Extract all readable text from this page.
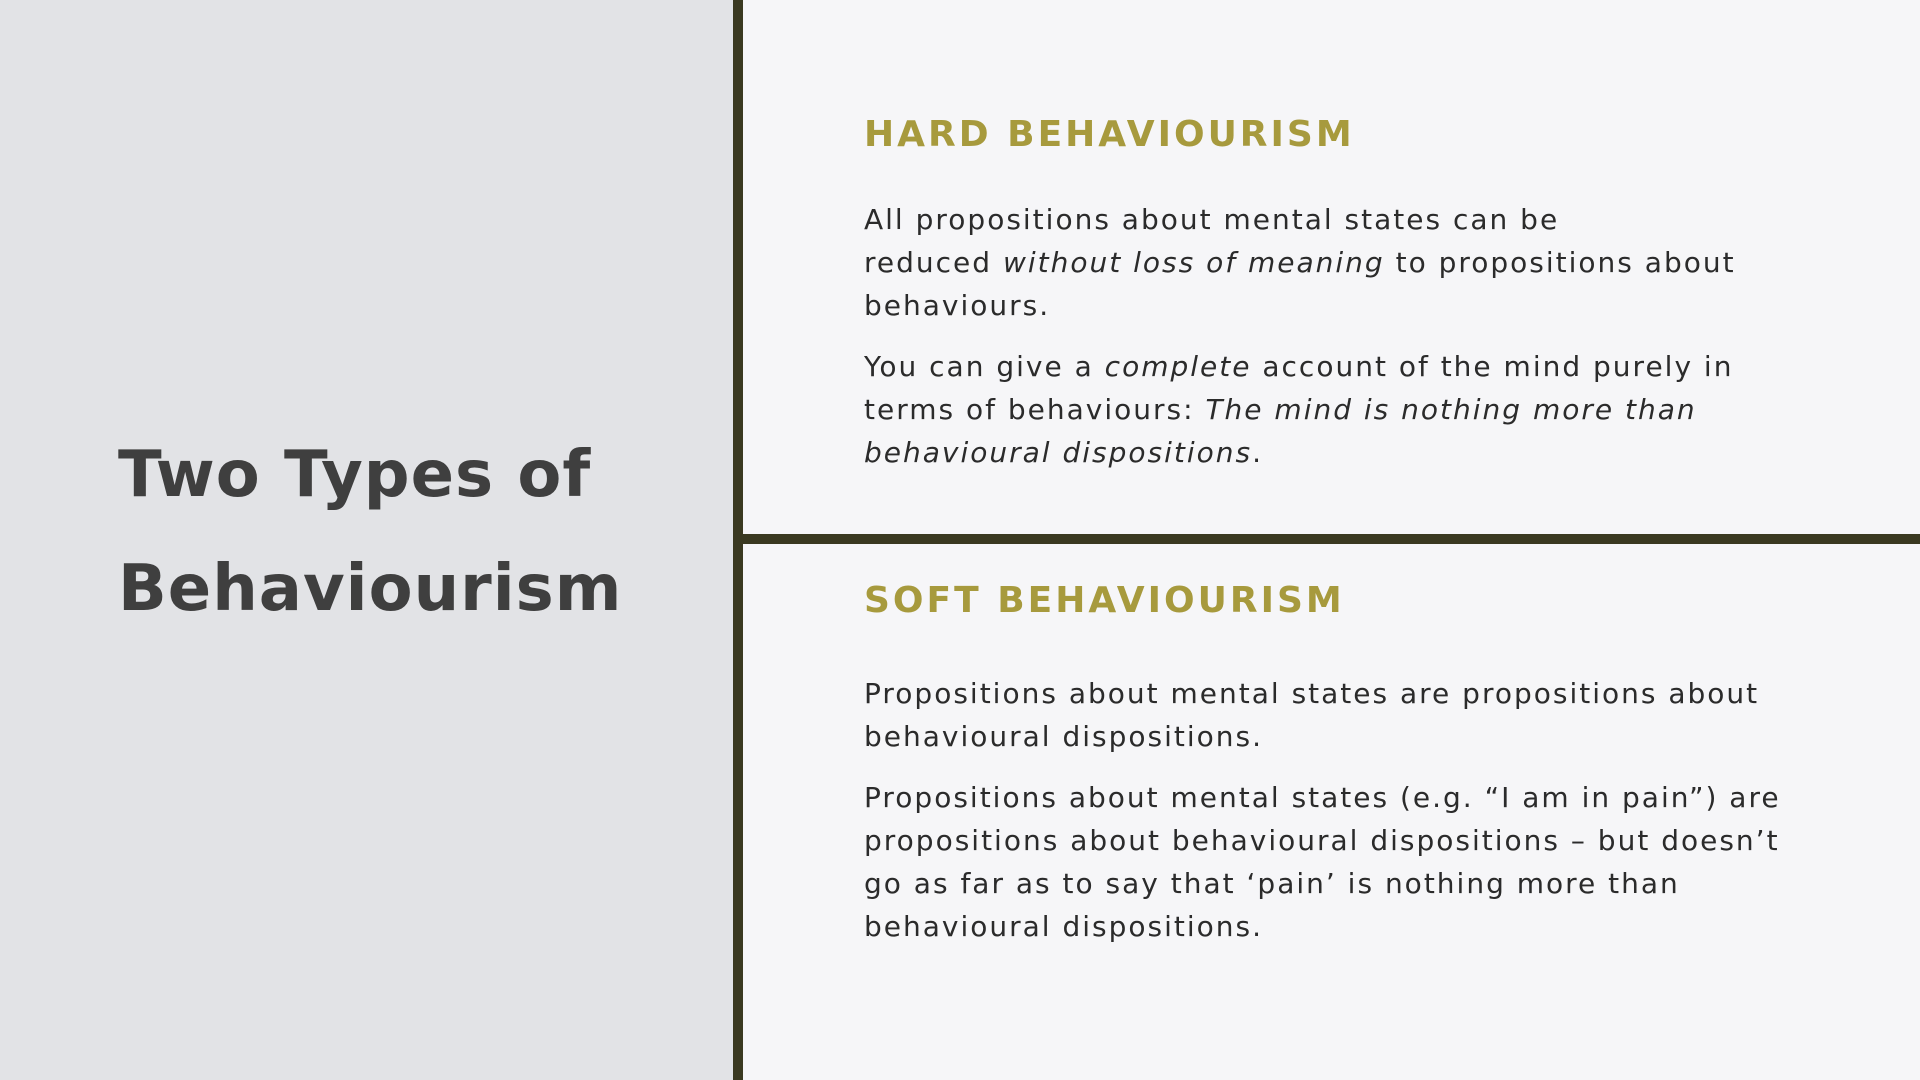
Two Types of
Behaviourism
HARD BEHAVIOURISM

All propositions about mental states can be
reduced without loss of meaning to propositions about
behaviours.

You can give a complete account of the mind purely in
terms of behaviours: The mind is nothing more than
behavioural dispositions.

SOFT BEHAVIOURISM

Propositions about mental states are propositions about
behavioural dispositions.

Propositions about mental states (e.g. “I am in pain”) are
propositions about behavioural dispositions – but doesn’t
go as far as to say that ‘pain’ is nothing more than
behavioural dispositions.
